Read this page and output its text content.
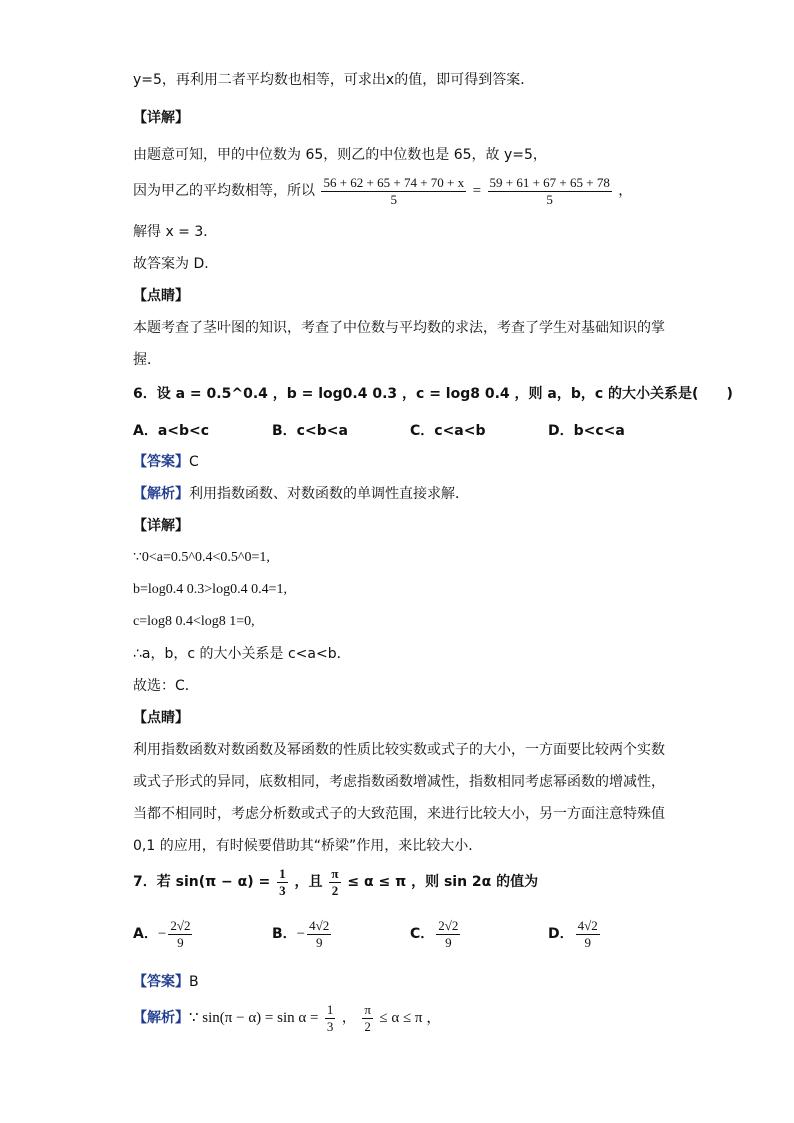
y=5，再利用二者平均数也相等，可求出x的值，即可得到答案．
【详解】
由题意可知，甲的中位数为 65，则乙的中位数也是 65，故 y=5，
因为甲乙的平均数相等，所以 $\frac{56 + 62 + 65 + 74 + 70 + x}{5} = \frac{59 + 61 + 67 + 65 + 78}{5}$ ，
解得 x = 3．
故答案为 D.
【点睛】
本题考查了茎叶图的知识，考查了中位数与平均数的求法，考查了学生对基础知识的掌
握．
6．设 a = 0.5^0.4 ，b = log0.4 0.3 ，c = log8 0.4 ，则 a，b，c 的大小关系是(　　)
A．a<b<c	B．c<b<a	C．c<a<b	D．b<c<a
【答案】C
【解析】利用指数函数、对数函数的单调性直接求解．
【详解】
∵0<a=0.5^0.4<0.5^0=1,
b=log0.4 0.3>log0.4 0.4=1,
c=log8 0.4<log8 1=0,
∴a，b，c 的大小关系是 c<a<b．
故选：C．
【点睛】
利用指数函数对数函数及幂函数的性质比较实数或式子的大小，一方面要比较两个实数
或式子形式的异同，底数相同，考虑指数函数增减性，指数相同考虑幂函数的增减性，
当都不相同时，考虑分析数或式子的大致范围，来进行比较大小，另一方面注意特殊值
0,1 的应用，有时候要借助其“桥梁”作用，来比较大小．
7．若 $\sin(\pi - \alpha) = \frac{1}{3}$ ，且 $\frac{\pi}{2} \le \alpha \le \pi$ ，则 sin 2α 的值为
A．− $\frac{2√2}{9}$	B．− $\frac{4√2}{9}$	C． $\frac{2√2}{9}$	D． $\frac{4√2}{9}$
【答案】B
【解析】∵ $\sin(\pi - \alpha) = \sin \alpha = \frac{1}{3}$ ， $\frac{\pi}{2} \le \alpha \le \pi$ ，
